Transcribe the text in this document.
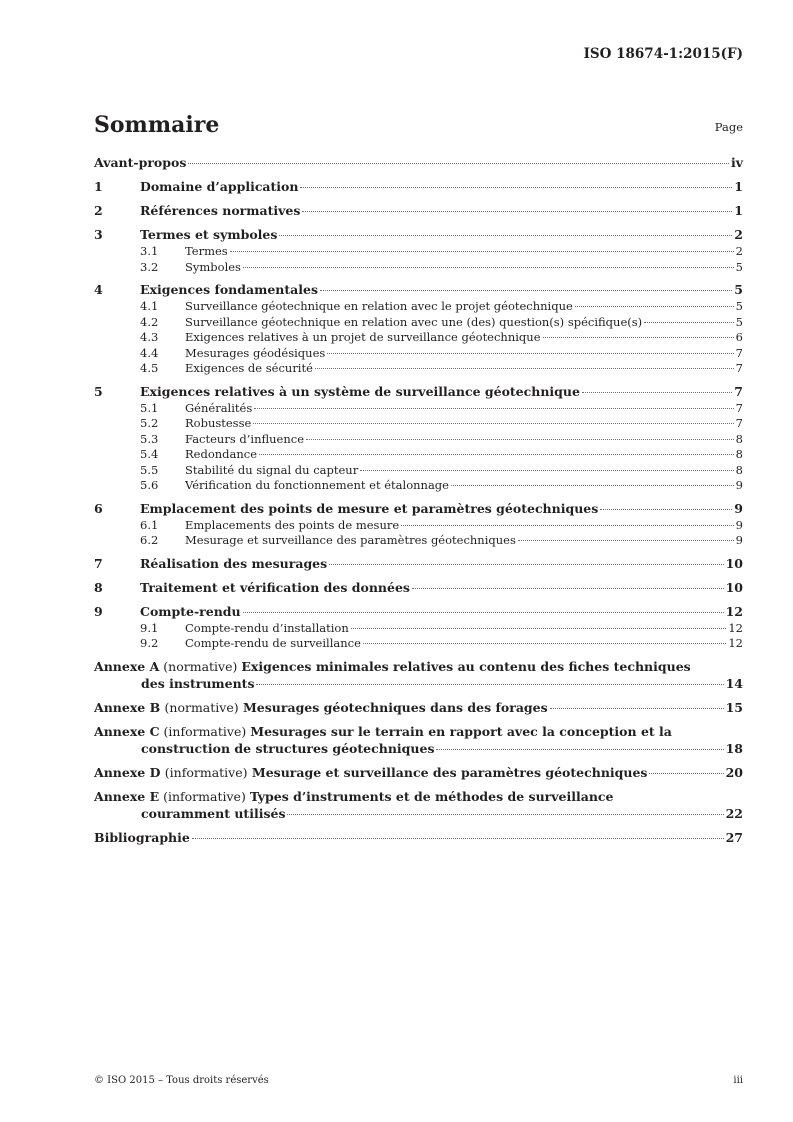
ISO 18674-1:2015(F)
Sommaire	Page
Avant-propos	iv
1	Domaine d’application	1
2	Références normatives	1
3	Termes et symboles	2
3.1 Termes	2
3.2 Symboles	5
4	Exigences fondamentales	5
4.1 Surveillance géotechnique en relation avec le projet géotechnique	5
4.2 Surveillance géotechnique en relation avec une (des) question(s) spécifique(s)	5
4.3 Exigences relatives à un projet de surveillance géotechnique	6
4.4 Mesurages géodésiques	7
4.5 Exigences de sécurité	7
5	Exigences relatives à un système de surveillance géotechnique	7
5.1 Généralités	7
5.2 Robustesse	7
5.3 Facteurs d’influence	8
5.4 Redondance	8
5.5 Stabilité du signal du capteur	8
5.6 Vérification du fonctionnement et étalonnage	9
6	Emplacement des points de mesure et paramètres géotechniques	9
6.1 Emplacements des points de mesure	9
6.2 Mesurage et surveillance des paramètres géotechniques	9
7	Réalisation des mesurages	10
8	Traitement et vérification des données	10
9	Compte-rendu	12
9.1 Compte-rendu d’installation	12
9.2 Compte-rendu de surveillance	12
Annexe A (normative) Exigences minimales relatives au contenu des fiches techniques
des instruments	14
Annexe B (normative) Mesurages géotechniques dans des forages	15
Annexe C (informative) Mesurages sur le terrain en rapport avec la conception et la
construction de structures géotechniques	18
Annexe D (informative) Mesurage et surveillance des paramètres géotechniques	20
Annexe E (informative) Types d’instruments et de méthodes de surveillance
couramment utilisés	22
Bibliographie	27
© ISO 2015 – Tous droits réservés	iii
